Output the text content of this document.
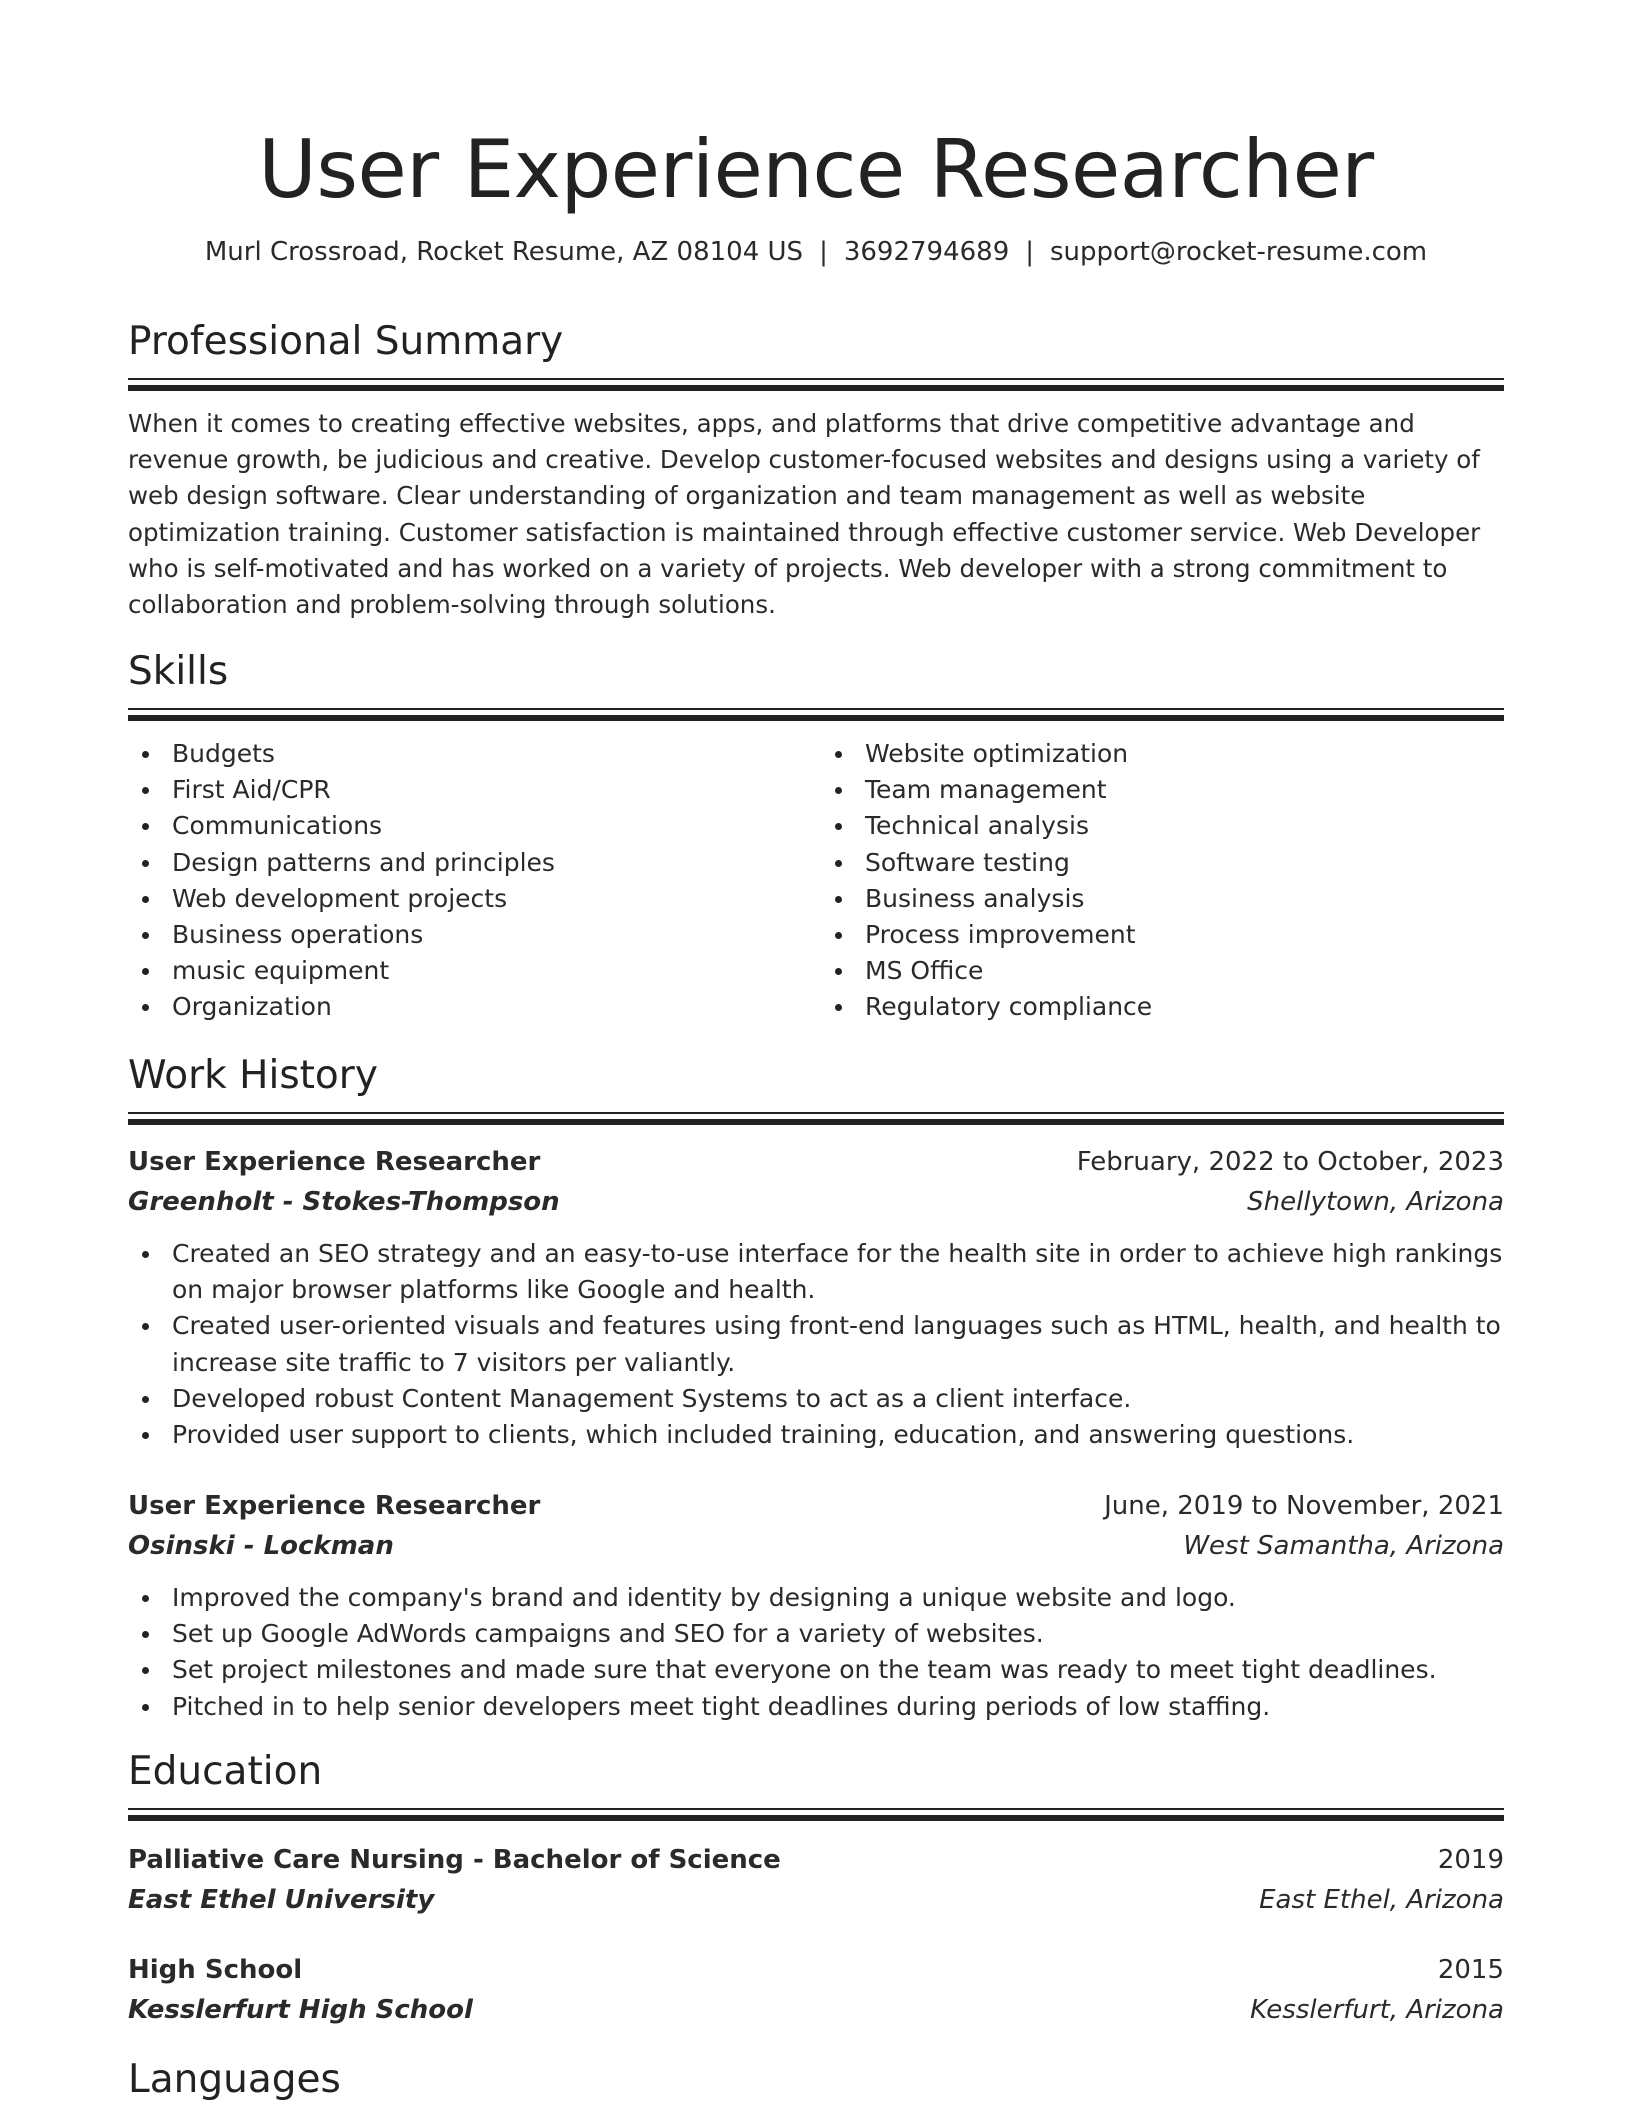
User Experience Researcher
Murl Crossroad, Rocket Resume, AZ 08104 US | 3692794689 | support@rocket-resume.com
Professional Summary
When it comes to creating effective websites, apps, and platforms that drive competitive advantage and revenue growth, be judicious and creative. Develop customer-focused websites and designs using a variety of web design software. Clear understanding of organization and team management as well as website optimization training. Customer satisfaction is maintained through effective customer service. Web Developer who is self-motivated and has worked on a variety of projects. Web developer with a strong commitment to collaboration and problem-solving through solutions.
Skills
Budgets
First Aid/CPR
Communications
Design patterns and principles
Web development projects
Business operations
music equipment
Organization
Website optimization
Team management
Technical analysis
Software testing
Business analysis
Process improvement
MS Office
Regulatory compliance
Work History
User Experience Researcher	February, 2022 to October, 2023
Greenholt - Stokes-Thompson	Shellytown, Arizona
Created an SEO strategy and an easy-to-use interface for the health site in order to achieve high rankings on major browser platforms like Google and health.
Created user-oriented visuals and features using front-end languages such as HTML, health, and health to increase site traffic to 7 visitors per valiantly.
Developed robust Content Management Systems to act as a client interface.
Provided user support to clients, which included training, education, and answering questions.
User Experience Researcher	June, 2019 to November, 2021
Osinski - Lockman	West Samantha, Arizona
Improved the company's brand and identity by designing a unique website and logo.
Set up Google AdWords campaigns and SEO for a variety of websites.
Set project milestones and made sure that everyone on the team was ready to meet tight deadlines.
Pitched in to help senior developers meet tight deadlines during periods of low staffing.
Education
Palliative Care Nursing - Bachelor of Science	2019
East Ethel University	East Ethel, Arizona
High School	2015
Kesslerfurt High School	Kesslerfurt, Arizona
Languages
